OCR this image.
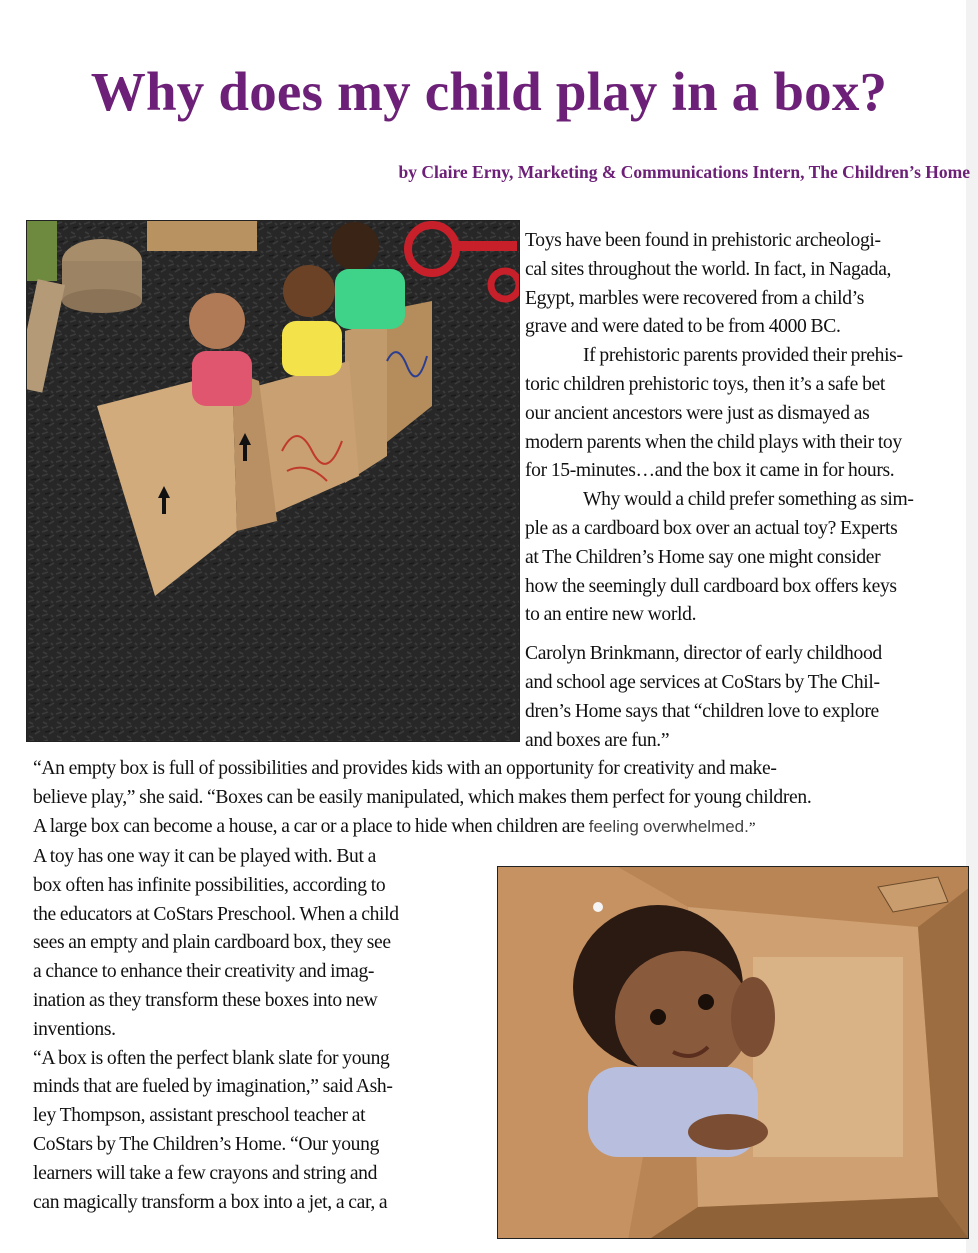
Why does my child play in a box?
by Claire Erny, Marketing & Communications Intern, The Children’s Home

Toys have been found in prehistoric archeologi-
cal sites throughout the world. In fact, in Nagada,
Egypt, marbles were recovered from a child’s
grave and were dated to be from 4000 BC.

If prehistoric parents provided their prehis-
toric children prehistoric toys, then it’s a safe bet
our ancient ancestors were just as dismayed as
modern parents when the child plays with their toy
for 15-minutes…and the box it came in for hours.

Why would a child prefer something as sim-
ple as a cardboard box over an actual toy? Experts
at The Children’s Home say one might consider
how the seemingly dull cardboard box offers keys
to an entire new world.

Carolyn Brinkmann, director of early childhood
and school age services at CoStars by The Chil-
dren’s Home says that “children love to explore
and boxes are fun.”

“An empty box is full of possibilities and provides kids with an opportunity for creativity and make-
believe play,” she said. “Boxes can be easily manipulated, which makes them perfect for young children.
A large box can become a house, a car or a place to hide when children are feeling overwhelmed.”

A toy has one way it can be played with. But a
box often has infinite possibilities, according to
the educators at CoStars Preschool. When a child
sees an empty and plain cardboard box, they see
a chance to enhance their creativity and imag-
ination as they transform these boxes into new
inventions.

“A box is often the perfect blank slate for young
minds that are fueled by imagination,” said Ash-
ley Thompson, assistant preschool teacher at
CoStars by The Children’s Home. “Our young
learners will take a few crayons and string and
can magically transform a box into a jet, a car, a
